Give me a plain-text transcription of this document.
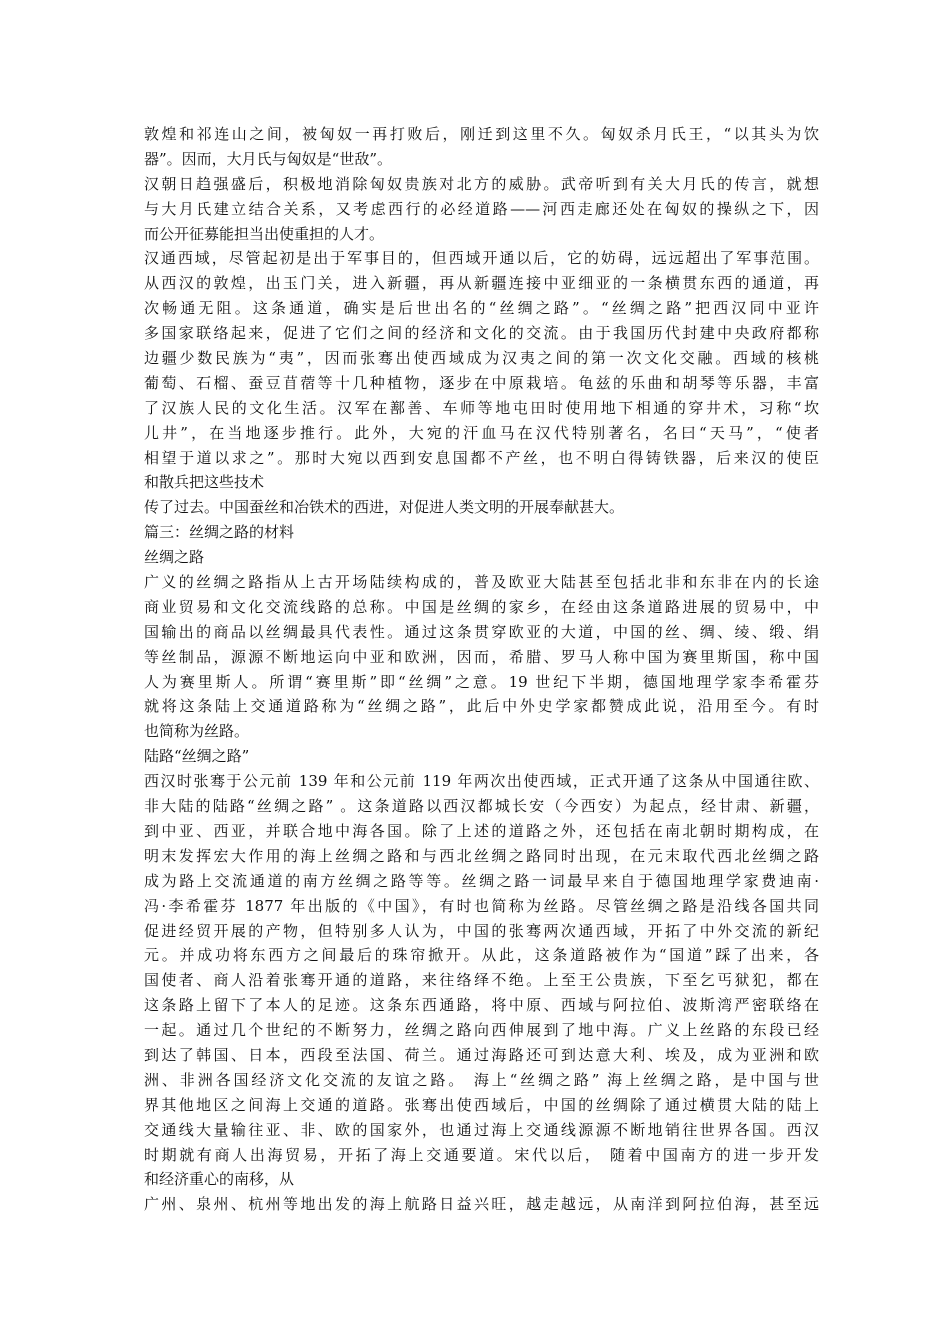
敦煌和祁连山之间，被匈奴一再打败后，刚迁到这里不久。匈奴杀月氏王，“以其头为饮
器”。因而，大月氏与匈奴是“世敌”。
汉朝日趋强盛后，积极地消除匈奴贵族对北方的威胁。武帝听到有关大月氏的传言，就想
与大月氏建立结合关系，又考虑西行的必经道路——河西走廊还处在匈奴的操纵之下，因
而公开征募能担当出使重担的人才。
汉通西域，尽管起初是出于军事目的，但西域开通以后，它的妨碍，远远超出了军事范围。
从西汉的敦煌，出玉门关，进入新疆，再从新疆连接中亚细亚的一条横贯东西的通道，再
次畅通无阻。这条通道，确实是后世出名的“丝绸之路”。“丝绸之路”把西汉同中亚许
多国家联络起来，促进了它们之间的经济和文化的交流。由于我国历代封建中央政府都称
边疆少数民族为“夷”，因而张骞出使西域成为汉夷之间的第一次文化交融。西域的核桃
葡萄、石榴、蚕豆苜蓿等十几种植物，逐步在中原栽培。龟兹的乐曲和胡琴等乐器，丰富
了汉族人民的文化生活。汉军在鄯善、车师等地屯田时使用地下相通的穿井术，习称“坎
儿井”，在当地逐步推行。此外，大宛的汗血马在汉代特别著名，名曰“天马”，“使者
相望于道以求之”。那时大宛以西到安息国都不产丝，也不明白得铸铁器，后来汉的使臣
和散兵把这些技术
传了过去。中国蚕丝和冶铁术的西进，对促进人类文明的开展奉献甚大。
篇三：丝绸之路的材料
丝绸之路
广义的丝绸之路指从上古开场陆续构成的，普及欧亚大陆甚至包括北非和东非在内的长途
商业贸易和文化交流线路的总称。中国是丝绸的家乡，在经由这条道路进展的贸易中，中
国输出的商品以丝绸最具代表性。通过这条贯穿欧亚的大道，中国的丝、绸、绫、缎、绢
等丝制品，源源不断地运向中亚和欧洲，因而，希腊、罗马人称中国为赛里斯国，称中国
人为赛里斯人。所谓“赛里斯”即“丝绸”之意。19 世纪下半期，德国地理学家李希霍芬
就将这条陆上交通道路称为“丝绸之路”，此后中外史学家都赞成此说，沿用至今。有时
也简称为丝路。
陆路“丝绸之路”
西汉时张骞于公元前 139 年和公元前 119 年两次出使西域，正式开通了这条从中国通往欧、
非大陆的陆路“丝绸之路” 。这条道路以西汉都城长安（今西安）为起点，经甘肃、新疆，
到中亚、西亚，并联合地中海各国。除了上述的道路之外，还包括在南北朝时期构成，在
明末发挥宏大作用的海上丝绸之路和与西北丝绸之路同时出现，在元末取代西北丝绸之路
成为路上交流通道的南方丝绸之路等等。丝绸之路一词最早来自于德国地理学家费迪南·
冯·李希霍芬 1877 年出版的《中国》，有时也简称为丝路。尽管丝绸之路是沿线各国共同
促进经贸开展的产物，但特别多人认为，中国的张骞两次通西域，开拓了中外交流的新纪
元。并成功将东西方之间最后的珠帘掀开。从此，这条道路被作为“国道”踩了出来，各
国使者、商人沿着张骞开通的道路，来往络绎不绝。上至王公贵族，下至乞丐狱犯，都在
这条路上留下了本人的足迹。这条东西通路，将中原、西域与阿拉伯、波斯湾严密联络在
一起。通过几个世纪的不断努力，丝绸之路向西伸展到了地中海。广义上丝路的东段已经
到达了韩国、日本，西段至法国、荷兰。通过海路还可到达意大利、埃及，成为亚洲和欧
洲、非洲各国经济文化交流的友谊之路。 海上“丝绸之路” 海上丝绸之路，是中国与世
界其他地区之间海上交通的道路。张骞出使西域后，中国的丝绸除了通过横贯大陆的陆上
交通线大量输往亚、非、欧的国家外，也通过海上交通线源源不断地销往世界各国。西汉
时期就有商人出海贸易，开拓了海上交通要道。宋代以后， 随着中国南方的进一步开发
和经济重心的南移，从
广州、泉州、杭州等地出发的海上航路日益兴旺，越走越远，从南洋到阿拉伯海，甚至远
